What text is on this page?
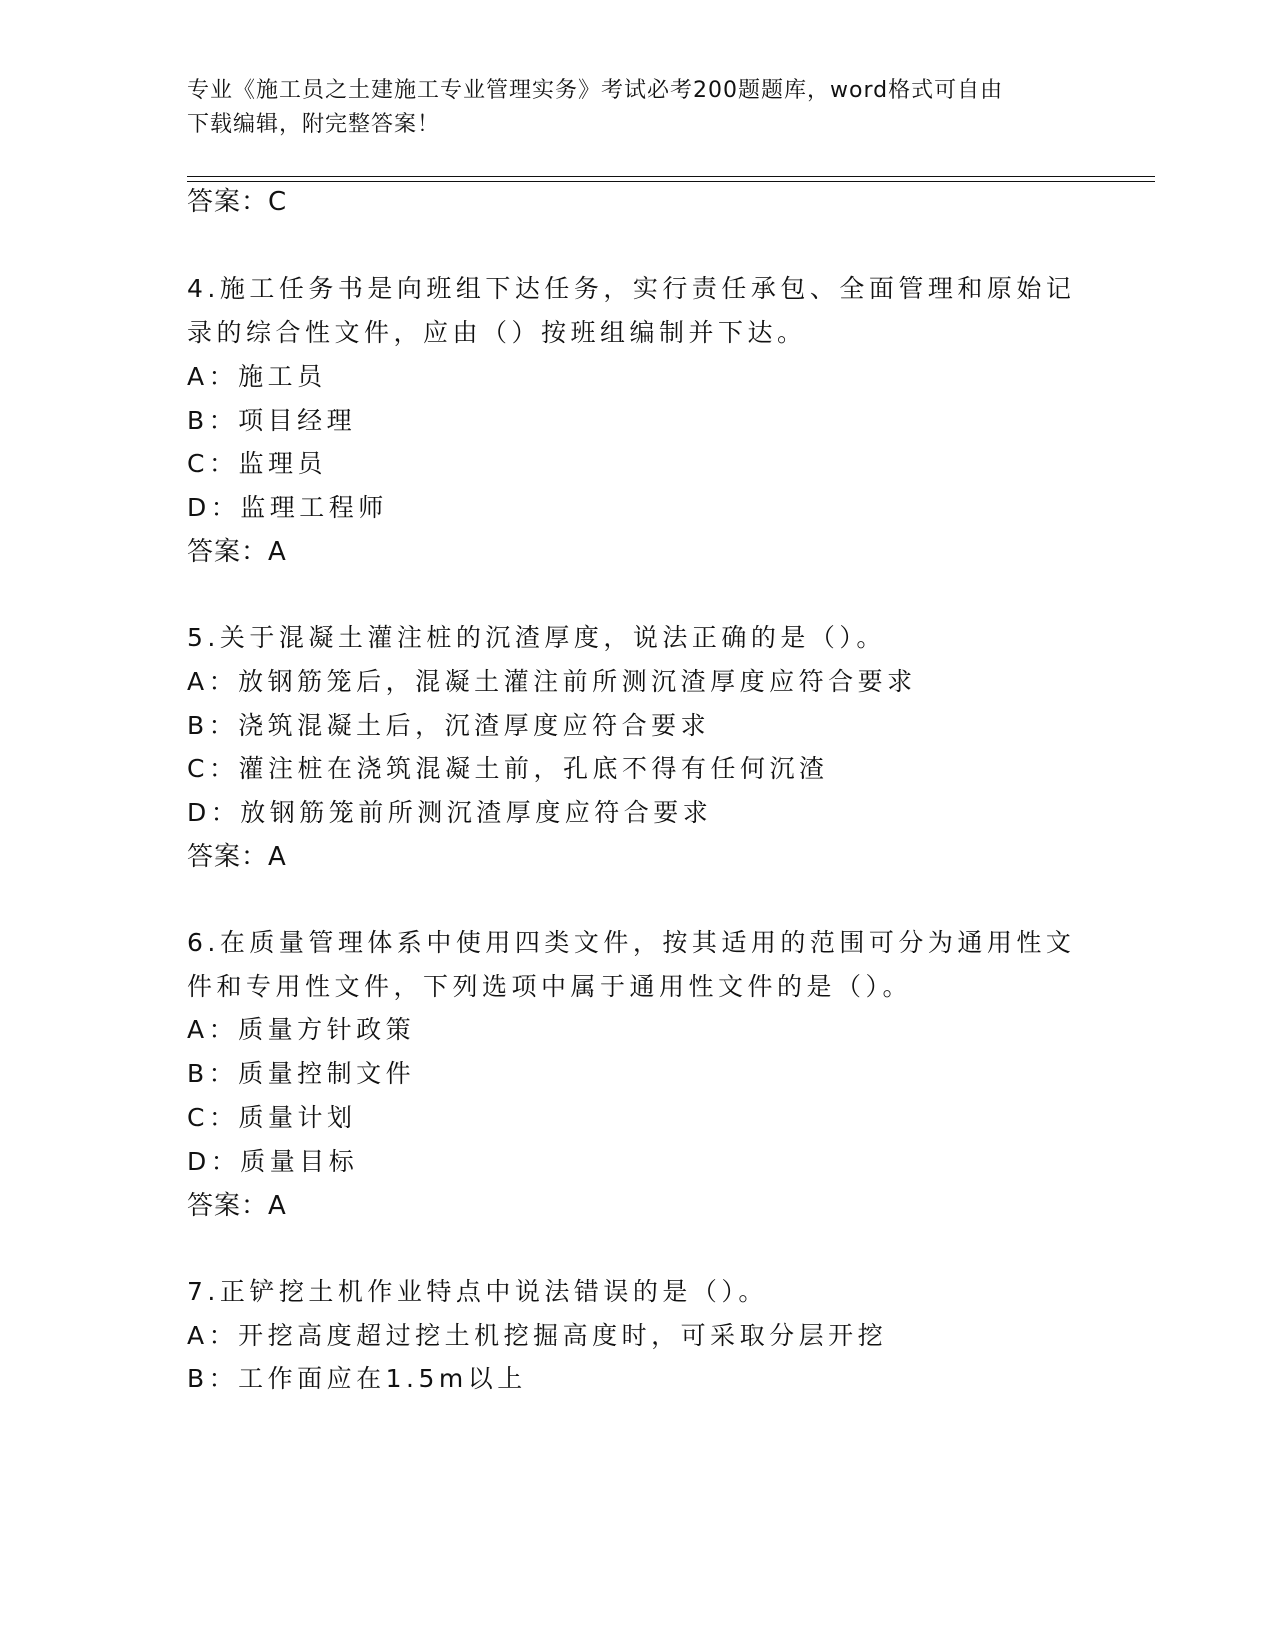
专业《施工员之土建施工专业管理实务》考试必考200题题库，word格式可自由
下载编辑，附完整答案！
答案：C
4.施工任务书是向班组下达任务，实行责任承包、全面管理和原始记
录的综合性文件，应由（）按班组编制并下达。
A：施工员
B：项目经理
C：监理员
D：监理工程师
答案：A
5.关于混凝土灌注桩的沉渣厚度，说法正确的是（）。
A：放钢筋笼后，混凝土灌注前所测沉渣厚度应符合要求
B：浇筑混凝土后，沉渣厚度应符合要求
C：灌注桩在浇筑混凝土前，孔底不得有任何沉渣
D：放钢筋笼前所测沉渣厚度应符合要求
答案：A
6.在质量管理体系中使用四类文件，按其适用的范围可分为通用性文
件和专用性文件，下列选项中属于通用性文件的是（）。
A：质量方针政策
B：质量控制文件
C：质量计划
D：质量目标
答案：A
7.正铲挖土机作业特点中说法错误的是（）。
A：开挖高度超过挖土机挖掘高度时，可采取分层开挖
B：工作面应在1.5m以上
